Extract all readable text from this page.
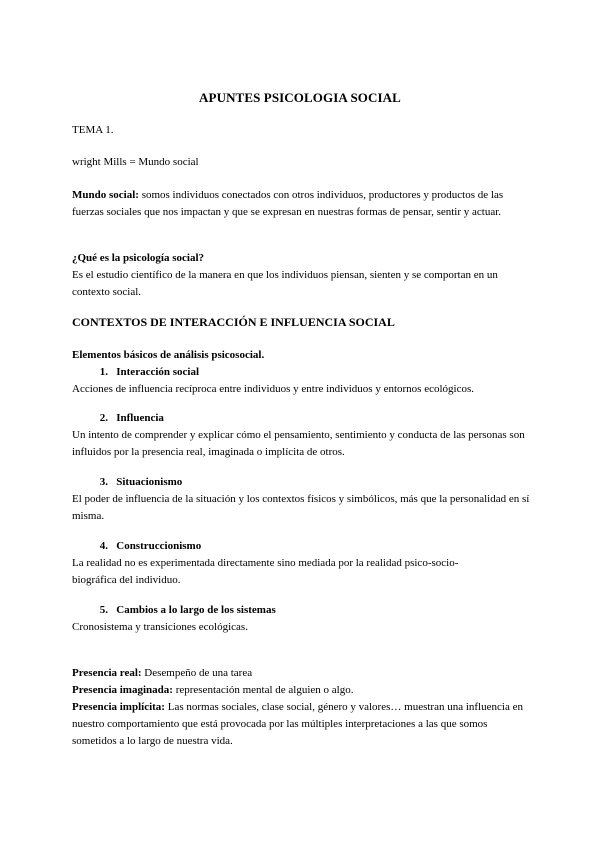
APUNTES PSICOLOGIA SOCIAL

TEMA 1.

wright Mills = Mundo social

Mundo social: somos individuos conectados con otros individuos, productores y productos de las fuerzas sociales que nos impactan y que se expresan en nuestras formas de pensar, sentir y actuar.

¿Qué es la psicología social?

Es el estudio científico de la manera en que los individuos piensan, sienten y se comportan en un contexto social.

CONTEXTOS DE INTERACCIÓN E INFLUENCIA SOCIAL

Elementos básicos de análisis psicosocial.

1. Interacción social

Acciones de influencia recíproca entre individuos y entre individuos y entornos ecológicos.

2. Influencia

Un intento de comprender y explicar cómo el pensamiento, sentimiento y conducta de las personas son influidos por la presencia real, imaginada o implícita de otros.

3. Situacionismo

El poder de influencia de la situación y los contextos físicos y simbólicos, más que la personalidad en sí misma.

4. Construccionismo

La realidad no es experimentada directamente sino mediada por la realidad psico-socio-biográfica del individuo.

5. Cambios a lo largo de los sistemas

Cronosistema y transiciones ecológicas.

Presencia real: Desempeño de una tarea

Presencia imaginada: representación mental de alguien o algo.

Presencia implícita: Las normas sociales, clase social, género y valores… muestran una influencia en nuestro comportamiento que está provocada por las múltiples interpretaciones a las que somos sometidos a lo largo de nuestra vida.
